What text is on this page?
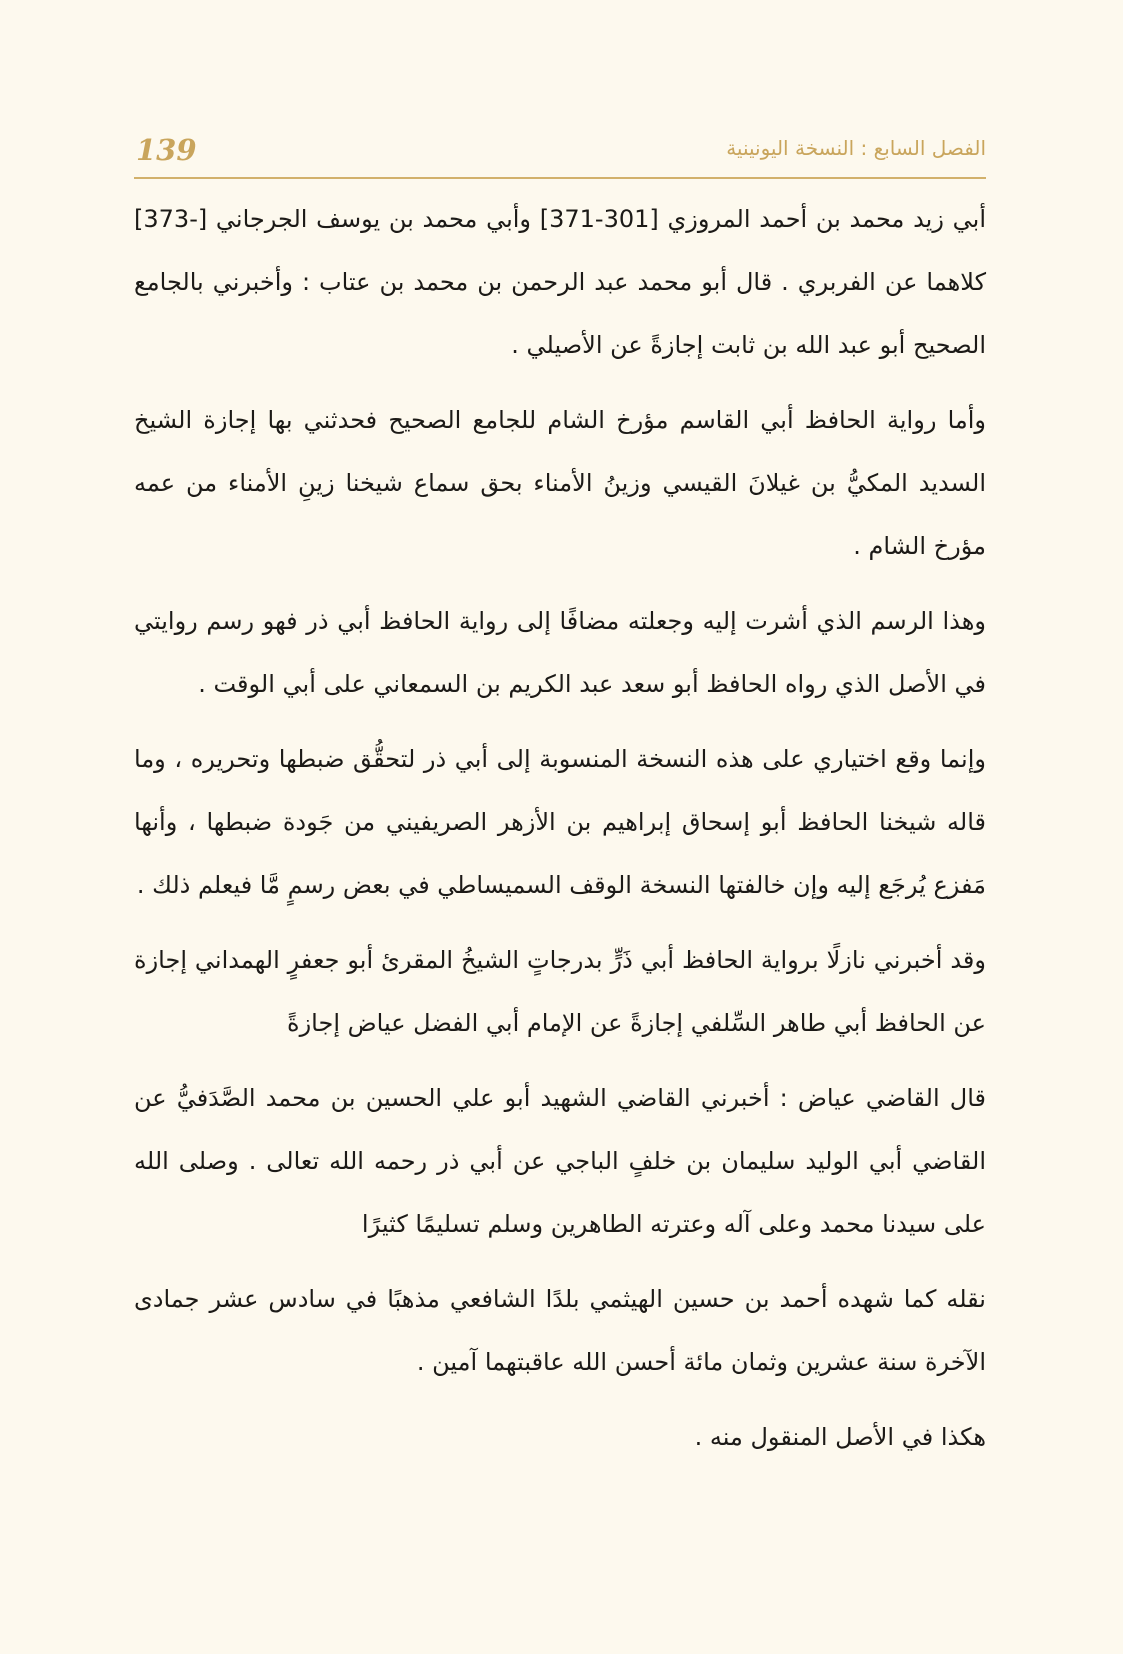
139	الفصل السابع : النسخة اليونينية

أبي زيد محمد بن أحمد المروزي [301-371] وأبي محمد بن يوسف الجرجاني [-373] كلاهما عن الفربري . قال أبو محمد عبد الرحمن بن محمد بن عتاب : وأخبرني بالجامع الصحيح أبو عبد الله بن ثابت إجازةً عن الأصيلي .

وأما رواية الحافظ أبي القاسم مؤرخ الشام للجامع الصحيح فحدثني بها إجازة الشيخ السديد المكيُّ بن غيلانَ القيسي وزينُ الأمناء بحق سماع شيخنا زينِ الأمناء من عمه مؤرخ الشام .

وهذا الرسم الذي أشرت إليه وجعلته مضافًا إلى رواية الحافظ أبي ذر فهو رسم روايتي في الأصل الذي رواه الحافظ أبو سعد عبد الكريم بن السمعاني على أبي الوقت .

وإنما وقع اختياري على هذه النسخة المنسوبة إلى أبي ذر لتحقُّق ضبطها وتحريره ، وما قاله شيخنا الحافظ أبو إسحاق إبراهيم بن الأزهر الصريفيني من جَودة ضبطها ، وأنها مَفزع يُرجَع إليه وإن خالفتها النسخة الوقف السميساطي في بعض رسمٍ مَّا فيعلم ذلك .

وقد أخبرني نازلًا برواية الحافظ أبي ذَرٍّ بدرجاتٍ الشيخُ المقرئ أبو جعفرٍ الهمداني إجازة عن الحافظ أبي طاهر السِّلفي إجازةً عن الإمام أبي الفضل عياض إجازةً

قال القاضي عياض : أخبرني القاضي الشهيد أبو علي الحسين بن محمد الصَّدَفيُّ عن القاضي أبي الوليد سليمان بن خلفٍ الباجي عن أبي ذر رحمه الله تعالى . وصلى الله على سيدنا محمد وعلى آله وعترته الطاهرين وسلم تسليمًا كثيرًا

نقله كما شهده أحمد بن حسين الهيثمي بلدًا الشافعي مذهبًا في سادس عشر جمادى الآخرة سنة عشرين وثمان مائة أحسن الله عاقبتهما آمين .

هكذا في الأصل المنقول منه .
